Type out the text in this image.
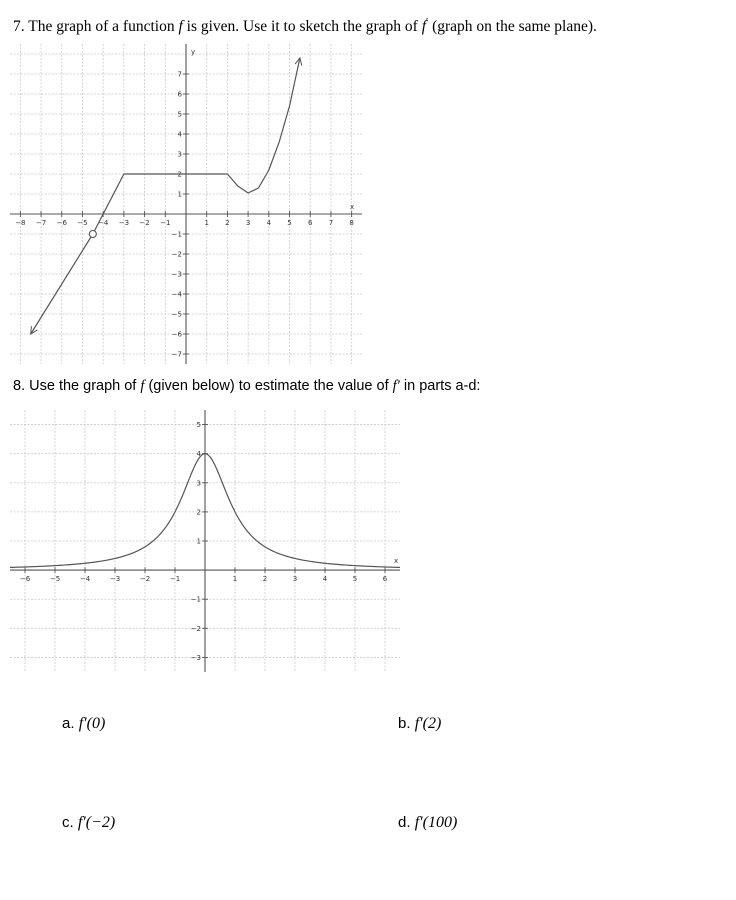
7. The graph of a function f is given. Use it to sketch the graph of f′ (graph on the same plane).
−8 −7 −6 −5 −4 −3 −2 −1	1 2 3 4 5 6 7 8
−7
−6
−5
−4
−3
−2
−1
1
2
3
4
5
6
7
x
y
8. Use the graph of f (given below) to estimate the value of f′ in parts a-d:
−6	−5	−4	−3	−2	−1	1	2	3	4	5	6
−3
−2
−1
1
2
3
4
5
x
a. f′(0)	b. f′(2)
c. f′(−2)	d. f′(100)
